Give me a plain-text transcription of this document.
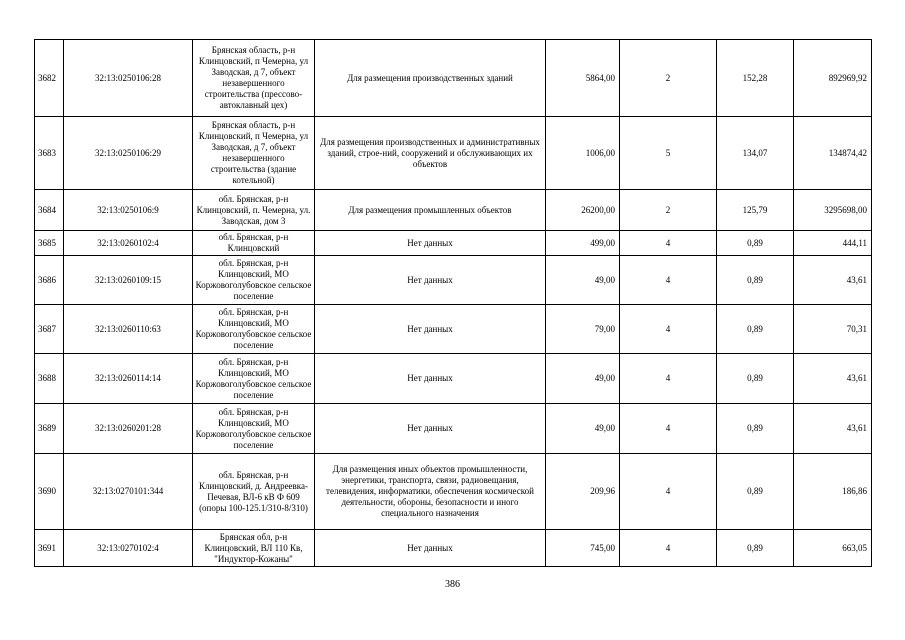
3682	32:13:0250106:28	Брянская область, р-н Клинцовский, п Чемерна, ул Заводская, д 7, объект незавершенного строительства (прессово-автоклавный цех)	Для размещения производственных зданий	5864,00	2	152,28	892969,92
3683	32:13:0250106:29	Брянская область, р-н Клинцовский, п Чемерна, ул Заводская, д 7, объект незавершенного строительства (здание котельной)	Для размещения производственных и административных зданий, строе-ний, сооружений и обслуживающих их объектов	1006,00	5	134,07	134874,42
3684	32:13:0250106:9	обл. Брянская, р-н Клинцовский, п. Чемерна, ул. Заводская, дом 3	Для размещения промышленных объектов	26200,00	2	125,79	3295698,00
3685	32:13:0260102:4	обл. Брянская, р-н Клинцовский	Нет данных	499,00	4	0,89	444,11
3686	32:13:0260109:15	обл. Брянская, р-н Клинцовский, МО Коржовоголубовское сельское поселение	Нет данных	49,00	4	0,89	43,61
3687	32:13:0260110:63	обл. Брянская, р-н Клинцовский, МО Коржовоголубовское сельское поселение	Нет данных	79,00	4	0,89	70,31
3688	32:13:0260114:14	обл. Брянская, р-н Клинцовский, МО Коржовоголубовское сельское поселение	Нет данных	49,00	4	0,89	43,61
3689	32:13:0260201:28	обл. Брянская, р-н Клинцовский, МО Коржовоголубовское сельское поселение	Нет данных	49,00	4	0,89	43,61
3690	32:13:0270101:344	обл. Брянская, р-н Клинцовский, д. Андреевка-Печевая, ВЛ-6 кВ Ф 609 (опоры 100-125.1/310-8/310)	Для размещения иных объектов промышленности, энергетики, транспорта, связи, радиовещания, телевидения, информатики, обеспечения космической деятельности, обороны, безопасности и иного специального назначения	209,96	4	0,89	186,86
3691	32:13:0270102:4	Брянская обл, р-н Клинцовский, ВЛ 110 Кв, "Индуктор-Кожаны"	Нет данных	745,00	4	0,89	663,05
386
